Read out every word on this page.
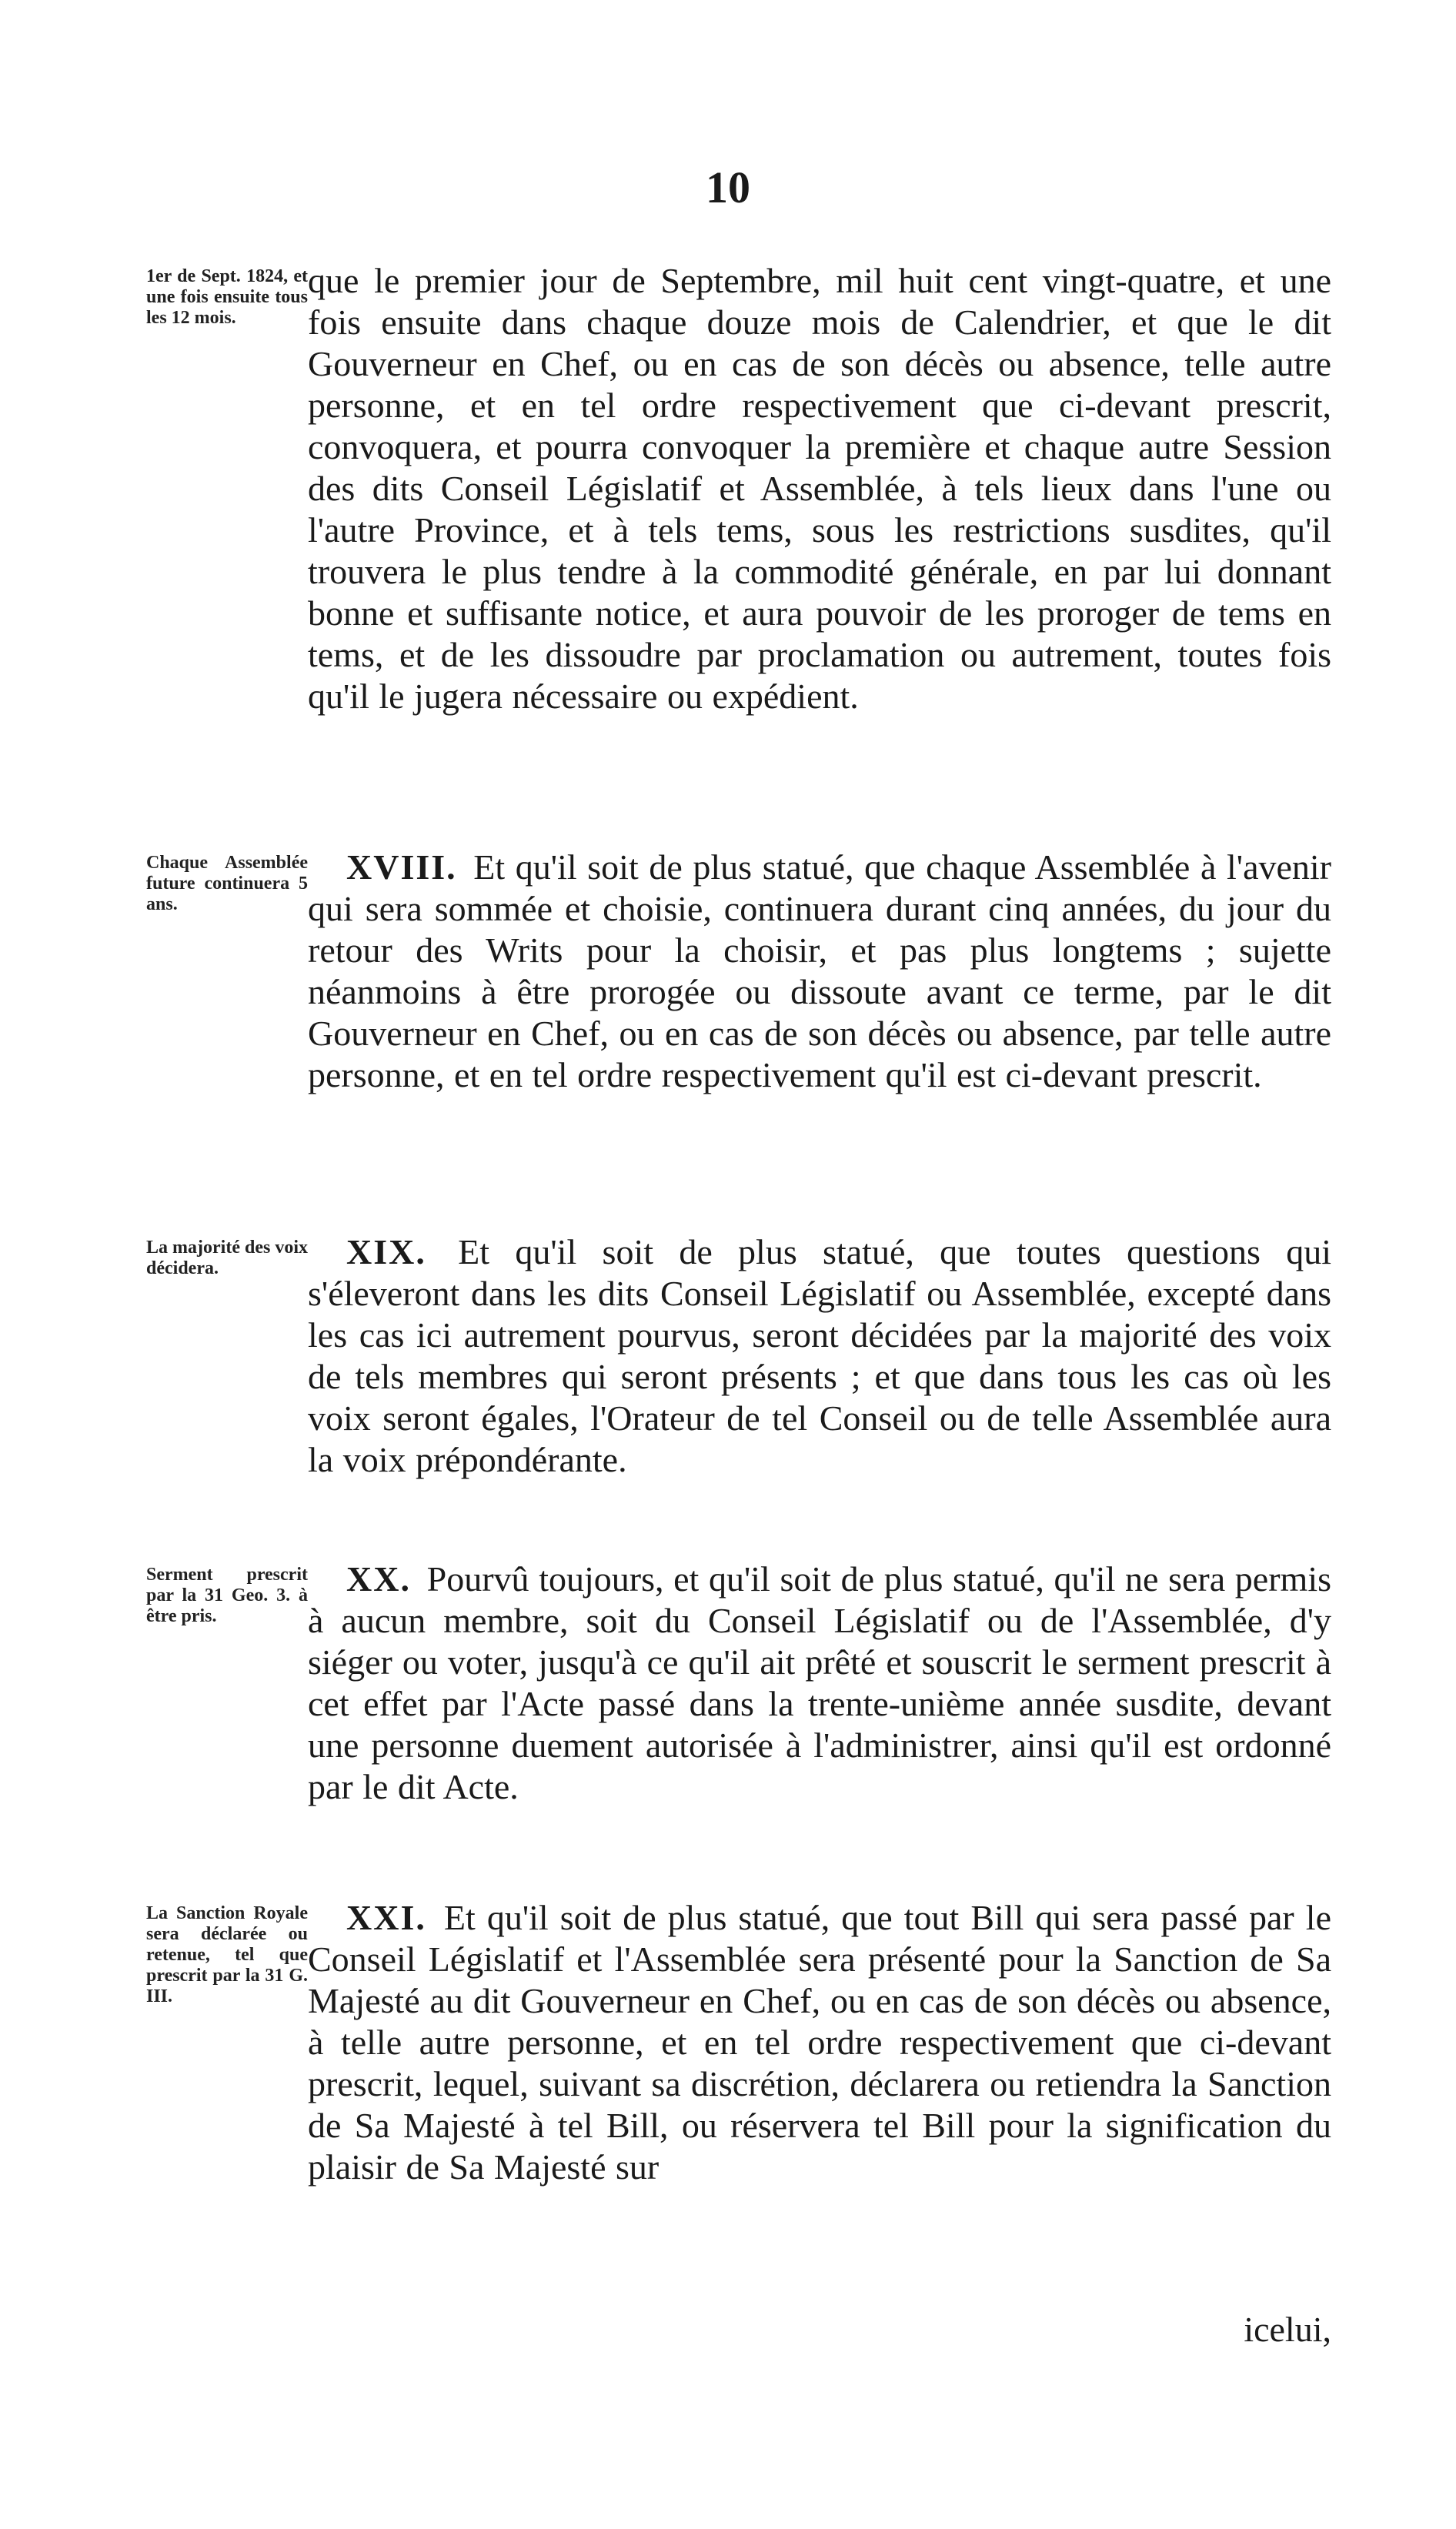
10
1er de Sept. 1824, et une fois ensuite tous les 12 mois.
que le premier jour de Septembre, mil huit cent vingt-quatre, et une fois ensuite dans chaque douze mois de Calendrier, et que le dit Gouverneur en Chef, ou en cas de son décès ou absence, telle autre personne, et en tel ordre respectivement que ci-devant prescrit, convoquera, et pourra convoquer la première et chaque autre Session des dits Conseil Législatif et Assemblée, à tels lieux dans l'une ou l'autre Province, et à tels tems, sous les restrictions susdites, qu'il trouvera le plus tendre à la commodité générale, en par lui donnant bonne et suffisante notice, et aura pouvoir de les proroger de tems en tems, et de les dissoudre par proclamation ou autrement, toutes fois qu'il le jugera nécessaire ou expédient.
Chaque Assemblée future continuera 5 ans.
XVIII. Et qu'il soit de plus statué, que chaque Assemblée à l'avenir qui sera sommée et choisie, continuera durant cinq années, du jour du retour des Writs pour la choisir, et pas plus longtems ; sujette néanmoins à être prorogée ou dissoute avant ce terme, par le dit Gouverneur en Chef, ou en cas de son décès ou absence, par telle autre personne, et en tel ordre respectivement qu'il est ci-devant prescrit.
La majorité des voix décidera.	XIX. Et qu'il soit de plus statué, que toutes questions qui s'éleveront dans les dits Conseil Législatif ou Assemblée, excepté dans les cas ici autrement pourvus, seront décidées par la majorité des voix de tels membres qui seront présents ; et que dans tous les cas où les voix seront égales, l'Orateur de tel Conseil ou de telle Assemblée aura la voix prépondérante.
Serment prescrit par la 31 Geo. 3. à être pris.
XX. Pourvû toujours, et qu'il soit de plus statué, qu'il ne sera permis à aucun membre, soit du Conseil Législatif ou de l'Assemblée, d'y siéger ou voter, jusqu'à ce qu'il ait prêté et souscrit le serment prescrit à cet effet par l'Acte passé dans la trente-unième année susdite, devant une personne duement autorisée à l'administrer, ainsi qu'il est ordonné par le dit Acte.
La Sanction Royale sera déclarée ou retenue, tel que prescrit par la 31 G. III.
XXI. Et qu'il soit de plus statué, que tout Bill qui sera passé par le Conseil Législatif et l'Assemblée sera présenté pour la Sanction de Sa Majesté au dit Gouverneur en Chef, ou en cas de son décès ou absence, à telle autre personne, et en tel ordre respectivement que ci-devant prescrit, lequel, suivant sa discrétion, déclarera ou retiendra la Sanction de Sa Majesté à tel Bill, ou réservera tel Bill pour la signification du plaisir de Sa Majesté sur
icelui,
